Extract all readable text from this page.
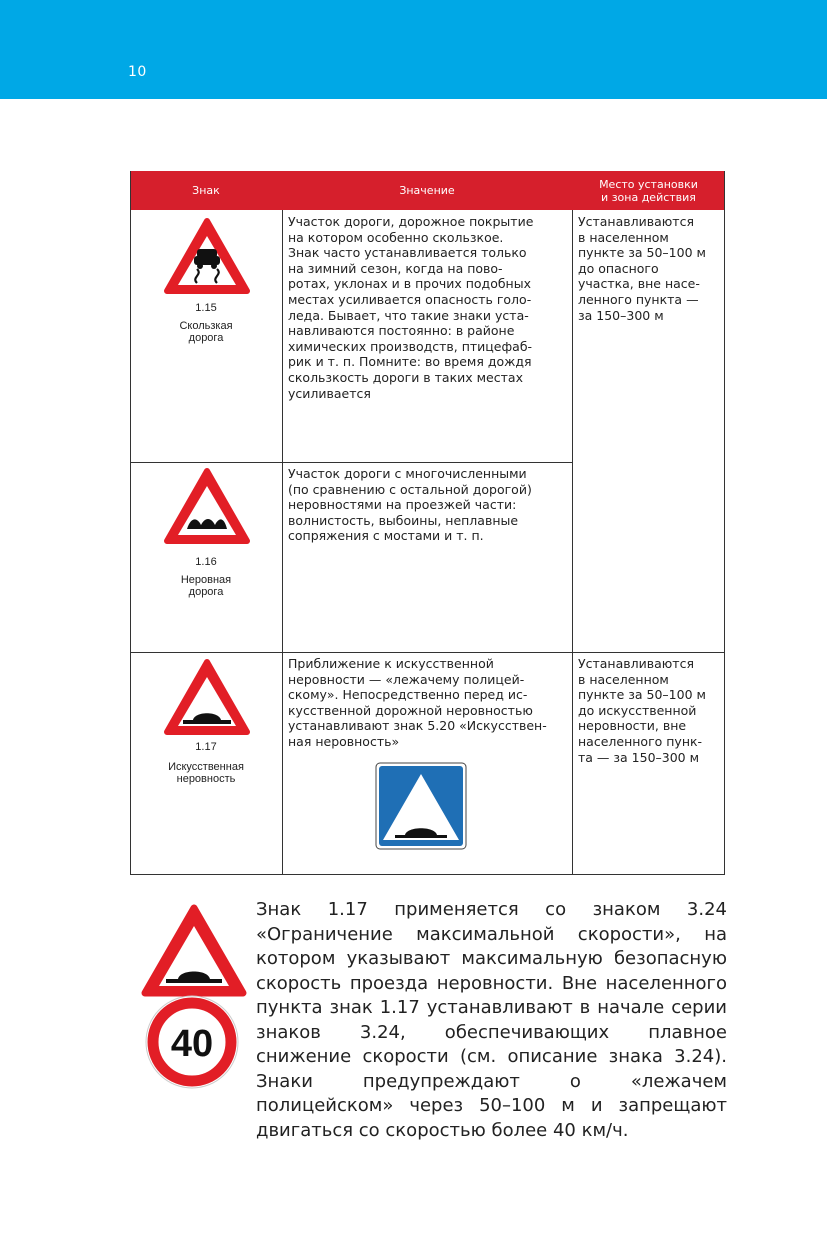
10
Знак	Значение	Место установки
и зона действия
1.15
Скользкая
дорога
Участок дороги, дорожное покрытие
на котором особенно скользкое.
Знак часто устанавливается только
на зимний сезон, когда на пово-
ротах, уклонах и в прочих подобных
местах усиливается опасность голо-
леда. Бывает, что такие знаки уста-
навливаются постоянно: в районе
химических производств, птицефаб-
рик и т. п. Помните: во время дождя
скользкость дороги в таких местах
усиливается
Устанавливаются
в населенном
пункте за 50–100 м
до опасного
участка, вне насе-
ленного пункта —
за 150–300 м
1.16
Неровная
дорога
Участок дороги с многочисленными
(по сравнению с остальной дорогой)
неровностями на проезжей части:
волнистость, выбоины, неплавные
сопряжения с мостами и т. п.
1.17
Искусственная
неровность
Приближение к искусственной
неровности — «лежачему полицей-
скому». Непосредственно перед ис-
кусственной дорожной неровностью
устанавливают знак 5.20 «Искусствен-
ная неровность»
Устанавливаются
в населенном
пункте за 50–100 м
до искусственной
неровности, вне
населенного пунк-
та — за 150–300 м
40
Знак 1.17 применяется со знаком 3.24 «Ограничение максимальной скорости», на котором указывают максимальную безопасную скорость проезда неровности. Вне населенного пункта знак 1.17 устанавливают в начале серии знаков 3.24, обеспечивающих плавное снижение скорости (см. описание знака 3.24). Знаки предупреждают о «лежачем полицейском» через 50–100 м и запрещают двигаться со скоростью более 40 км/ч.
